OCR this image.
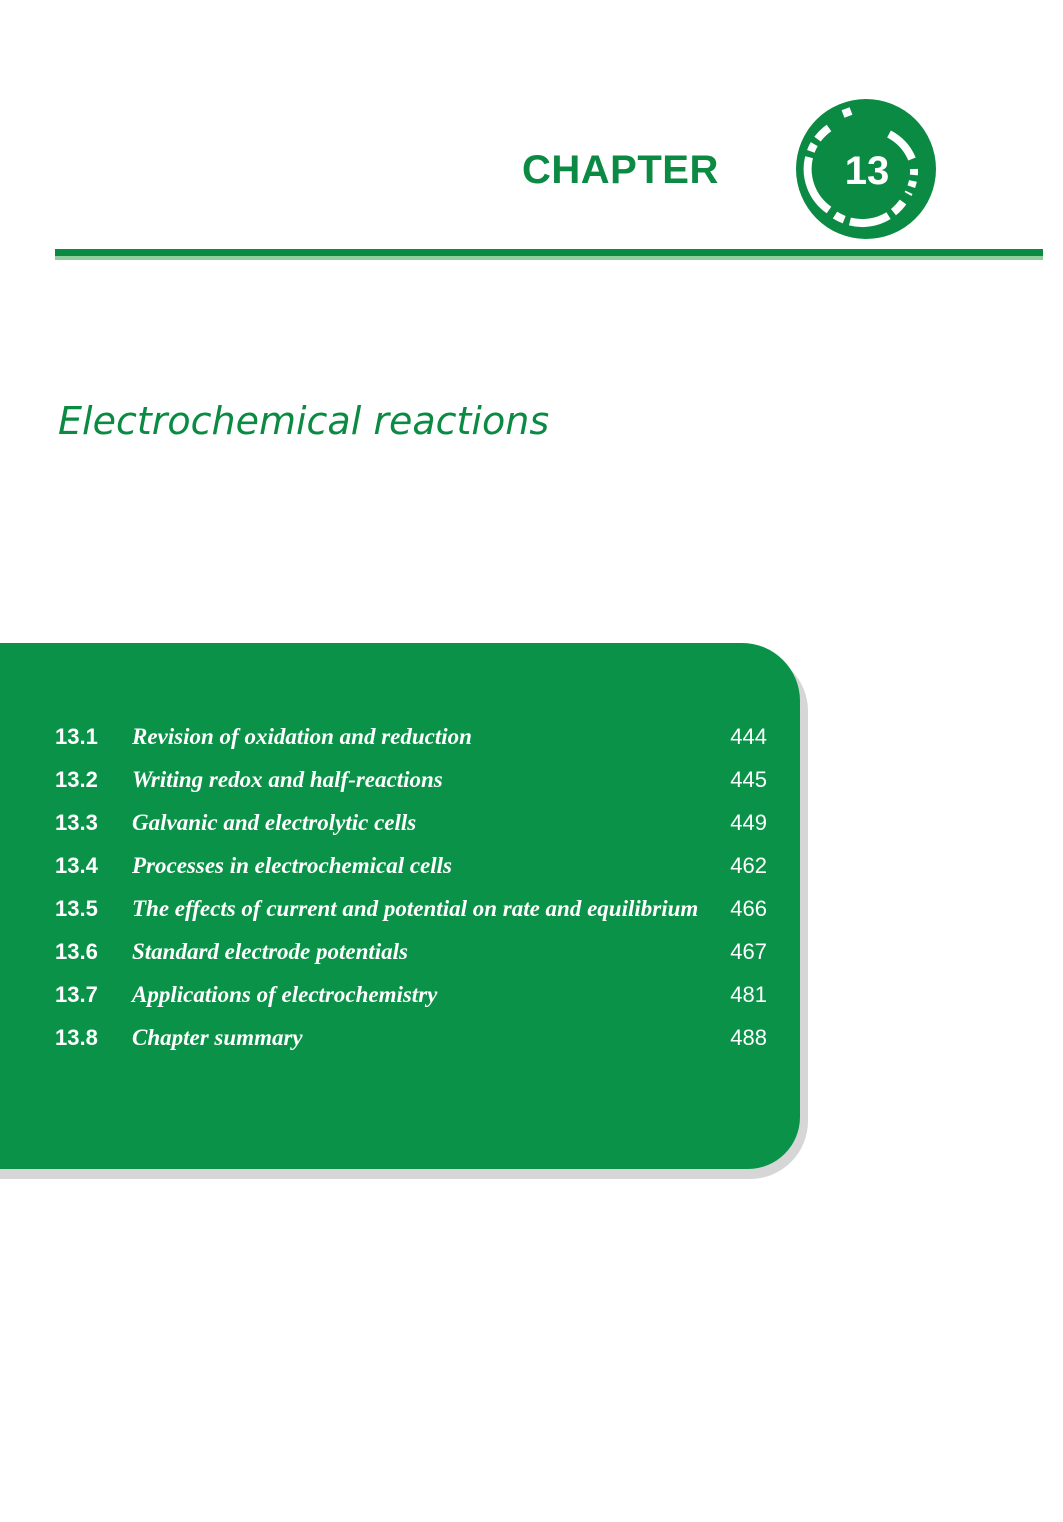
CHAPTER	13
Electrochemical reactions
13.1 Revision of oxidation and reduction	444
13.2 Writing redox and half-reactions	445
13.3 Galvanic and electrolytic cells	449
13.4 Processes in electrochemical cells	462
13.5 The effects of current and potential on rate and equilibrium	466
13.6 Standard electrode potentials	467
13.7 Applications of electrochemistry	481
13.8 Chapter summary	488
